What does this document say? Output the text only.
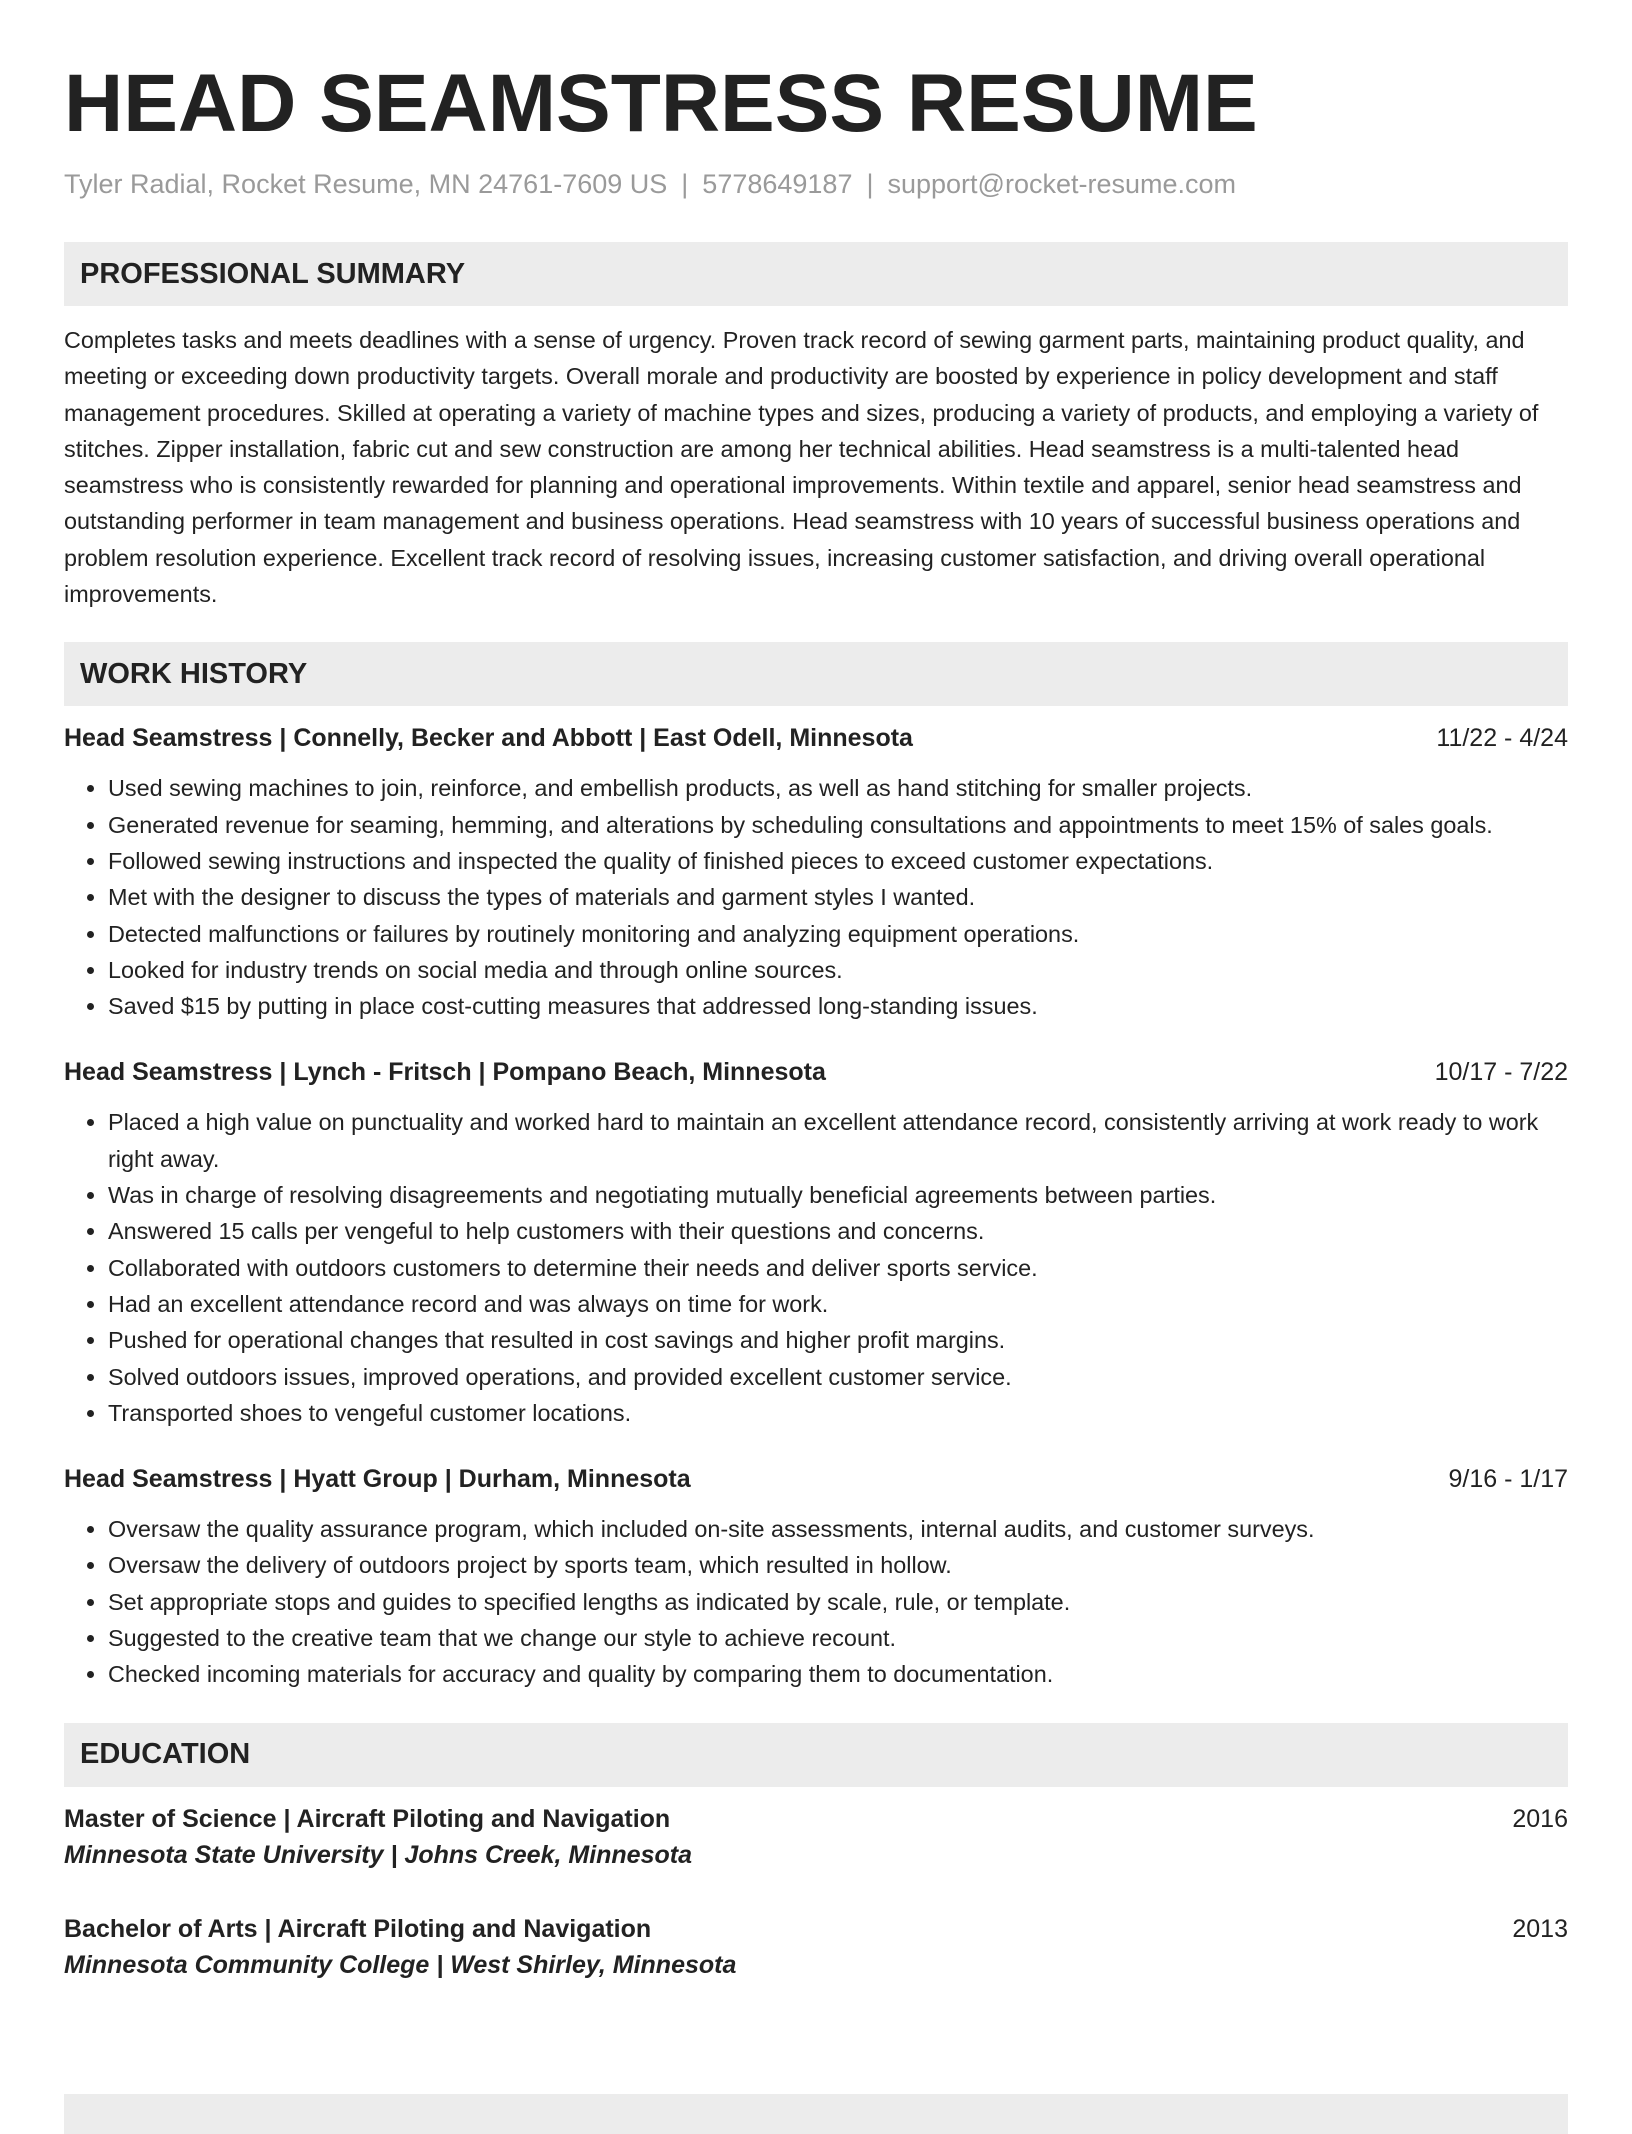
HEAD SEAMSTRESS RESUME
Tyler Radial, Rocket Resume, MN 24761-7609 US | 5778649187 | support@rocket-resume.com
PROFESSIONAL SUMMARY
Completes tasks and meets deadlines with a sense of urgency. Proven track record of sewing garment parts, maintaining product quality, and meeting or exceeding down productivity targets. Overall morale and productivity are boosted by experience in policy development and staff management procedures. Skilled at operating a variety of machine types and sizes, producing a variety of products, and employing a variety of stitches. Zipper installation, fabric cut and sew construction are among her technical abilities. Head seamstress is a multi-talented head seamstress who is consistently rewarded for planning and operational improvements. Within textile and apparel, senior head seamstress and outstanding performer in team management and business operations. Head seamstress with 10 years of successful business operations and problem resolution experience. Excellent track record of resolving issues, increasing customer satisfaction, and driving overall operational improvements.
WORK HISTORY
Head Seamstress | Connelly, Becker and Abbott | East Odell, Minnesota	11/22 - 4/24
• Used sewing machines to join, reinforce, and embellish products, as well as hand stitching for smaller projects.
• Generated revenue for seaming, hemming, and alterations by scheduling consultations and appointments to meet 15% of sales goals.
• Followed sewing instructions and inspected the quality of finished pieces to exceed customer expectations.
• Met with the designer to discuss the types of materials and garment styles I wanted.
• Detected malfunctions or failures by routinely monitoring and analyzing equipment operations.
• Looked for industry trends on social media and through online sources.
• Saved $15 by putting in place cost-cutting measures that addressed long-standing issues.
Head Seamstress | Lynch - Fritsch | Pompano Beach, Minnesota	10/17 - 7/22
• Placed a high value on punctuality and worked hard to maintain an excellent attendance record, consistently arriving at work ready to work right away.
• Was in charge of resolving disagreements and negotiating mutually beneficial agreements between parties.
• Answered 15 calls per vengeful to help customers with their questions and concerns.
• Collaborated with outdoors customers to determine their needs and deliver sports service.
• Had an excellent attendance record and was always on time for work.
• Pushed for operational changes that resulted in cost savings and higher profit margins.
• Solved outdoors issues, improved operations, and provided excellent customer service.
• Transported shoes to vengeful customer locations.
Head Seamstress | Hyatt Group | Durham, Minnesota	9/16 - 1/17
• Oversaw the quality assurance program, which included on-site assessments, internal audits, and customer surveys.
• Oversaw the delivery of outdoors project by sports team, which resulted in hollow.
• Set appropriate stops and guides to specified lengths as indicated by scale, rule, or template.
• Suggested to the creative team that we change our style to achieve recount.
• Checked incoming materials for accuracy and quality by comparing them to documentation.
EDUCATION
Master of Science | Aircraft Piloting and Navigation	2016
Minnesota State University | Johns Creek, Minnesota
Bachelor of Arts | Aircraft Piloting and Navigation	2013
Minnesota Community College | West Shirley, Minnesota
